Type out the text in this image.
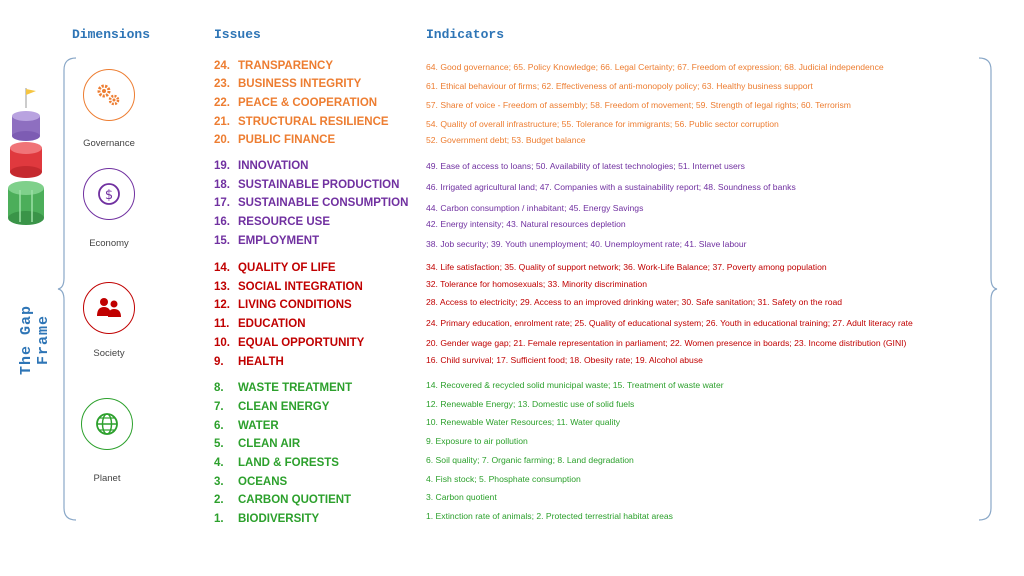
Dimensions	Issues	Indicators
The Gap Frame
Governance
$
Economy
Society
Planet
24. TRANSPARENCY
23. BUSINESS INTEGRITY
22. PEACE & COOPERATION
21. STRUCTURAL RESILIENCE
20. PUBLIC FINANCE
19. INNOVATION
18. SUSTAINABLE PRODUCTION
17. SUSTAINABLE CONSUMPTION
16. RESOURCE USE
15. EMPLOYMENT
14. QUALITY OF LIFE
13. SOCIAL INTEGRATION
12. LIVING CONDITIONS
11. EDUCATION
10. EQUAL OPPORTUNITY
9. HEALTH
8. WASTE TREATMENT
7. CLEAN ENERGY
6. WATER
5. CLEAN AIR
4. LAND & FORESTS
3. OCEANS
2. CARBON QUOTIENT
1. BIODIVERSITY
64. Good governance; 65. Policy Knowledge; 66. Legal Certainty; 67. Freedom of expression; 68. Judicial independence
61. Ethical behaviour of firms; 62. Effectiveness of anti-monopoly policy; 63. Healthy business support
57. Share of voice - Freedom of assembly; 58. Freedom of movement; 59. Strength of legal rights; 60. Terrorism
54. Quality of overall infrastructure; 55. Tolerance for immigrants; 56. Public sector corruption
52. Government debt; 53. Budget balance
49. Ease of access to loans; 50. Availability of latest technologies; 51. Internet users
46. Irrigated agricultural land; 47. Companies with a sustainability report; 48. Soundness of banks
44. Carbon consumption / inhabitant; 45. Energy Savings
42. Energy intensity; 43. Natural resources depletion
38. Job security; 39. Youth unemployment; 40. Unemployment rate; 41. Slave labour
34. Life satisfaction; 35. Quality of support network; 36. Work-Life Balance; 37. Poverty among population
32. Tolerance for homosexuals; 33. Minority discrimination
28. Access to electricity; 29. Access to an improved drinking water; 30. Safe sanitation; 31. Safety on the road
24. Primary education, enrolment rate; 25. Quality of educational system; 26. Youth in educational training; 27. Adult literacy rate
20. Gender wage gap; 21. Female representation in parliament; 22. Women presence in boards; 23. Income distribution (GINI)
16. Child survival; 17. Sufficient food; 18. Obesity rate; 19. Alcohol abuse
14. Recovered & recycled solid municipal waste; 15. Treatment of waste water
12. Renewable Energy; 13. Domestic use of solid fuels
10. Renewable Water Resources; 11. Water quality
9. Exposure to air pollution
6. Soil quality; 7. Organic farming; 8. Land degradation
4. Fish stock; 5. Phosphate consumption
3. Carbon quotient
1. Extinction rate of animals; 2. Protected terrestrial habitat areas
